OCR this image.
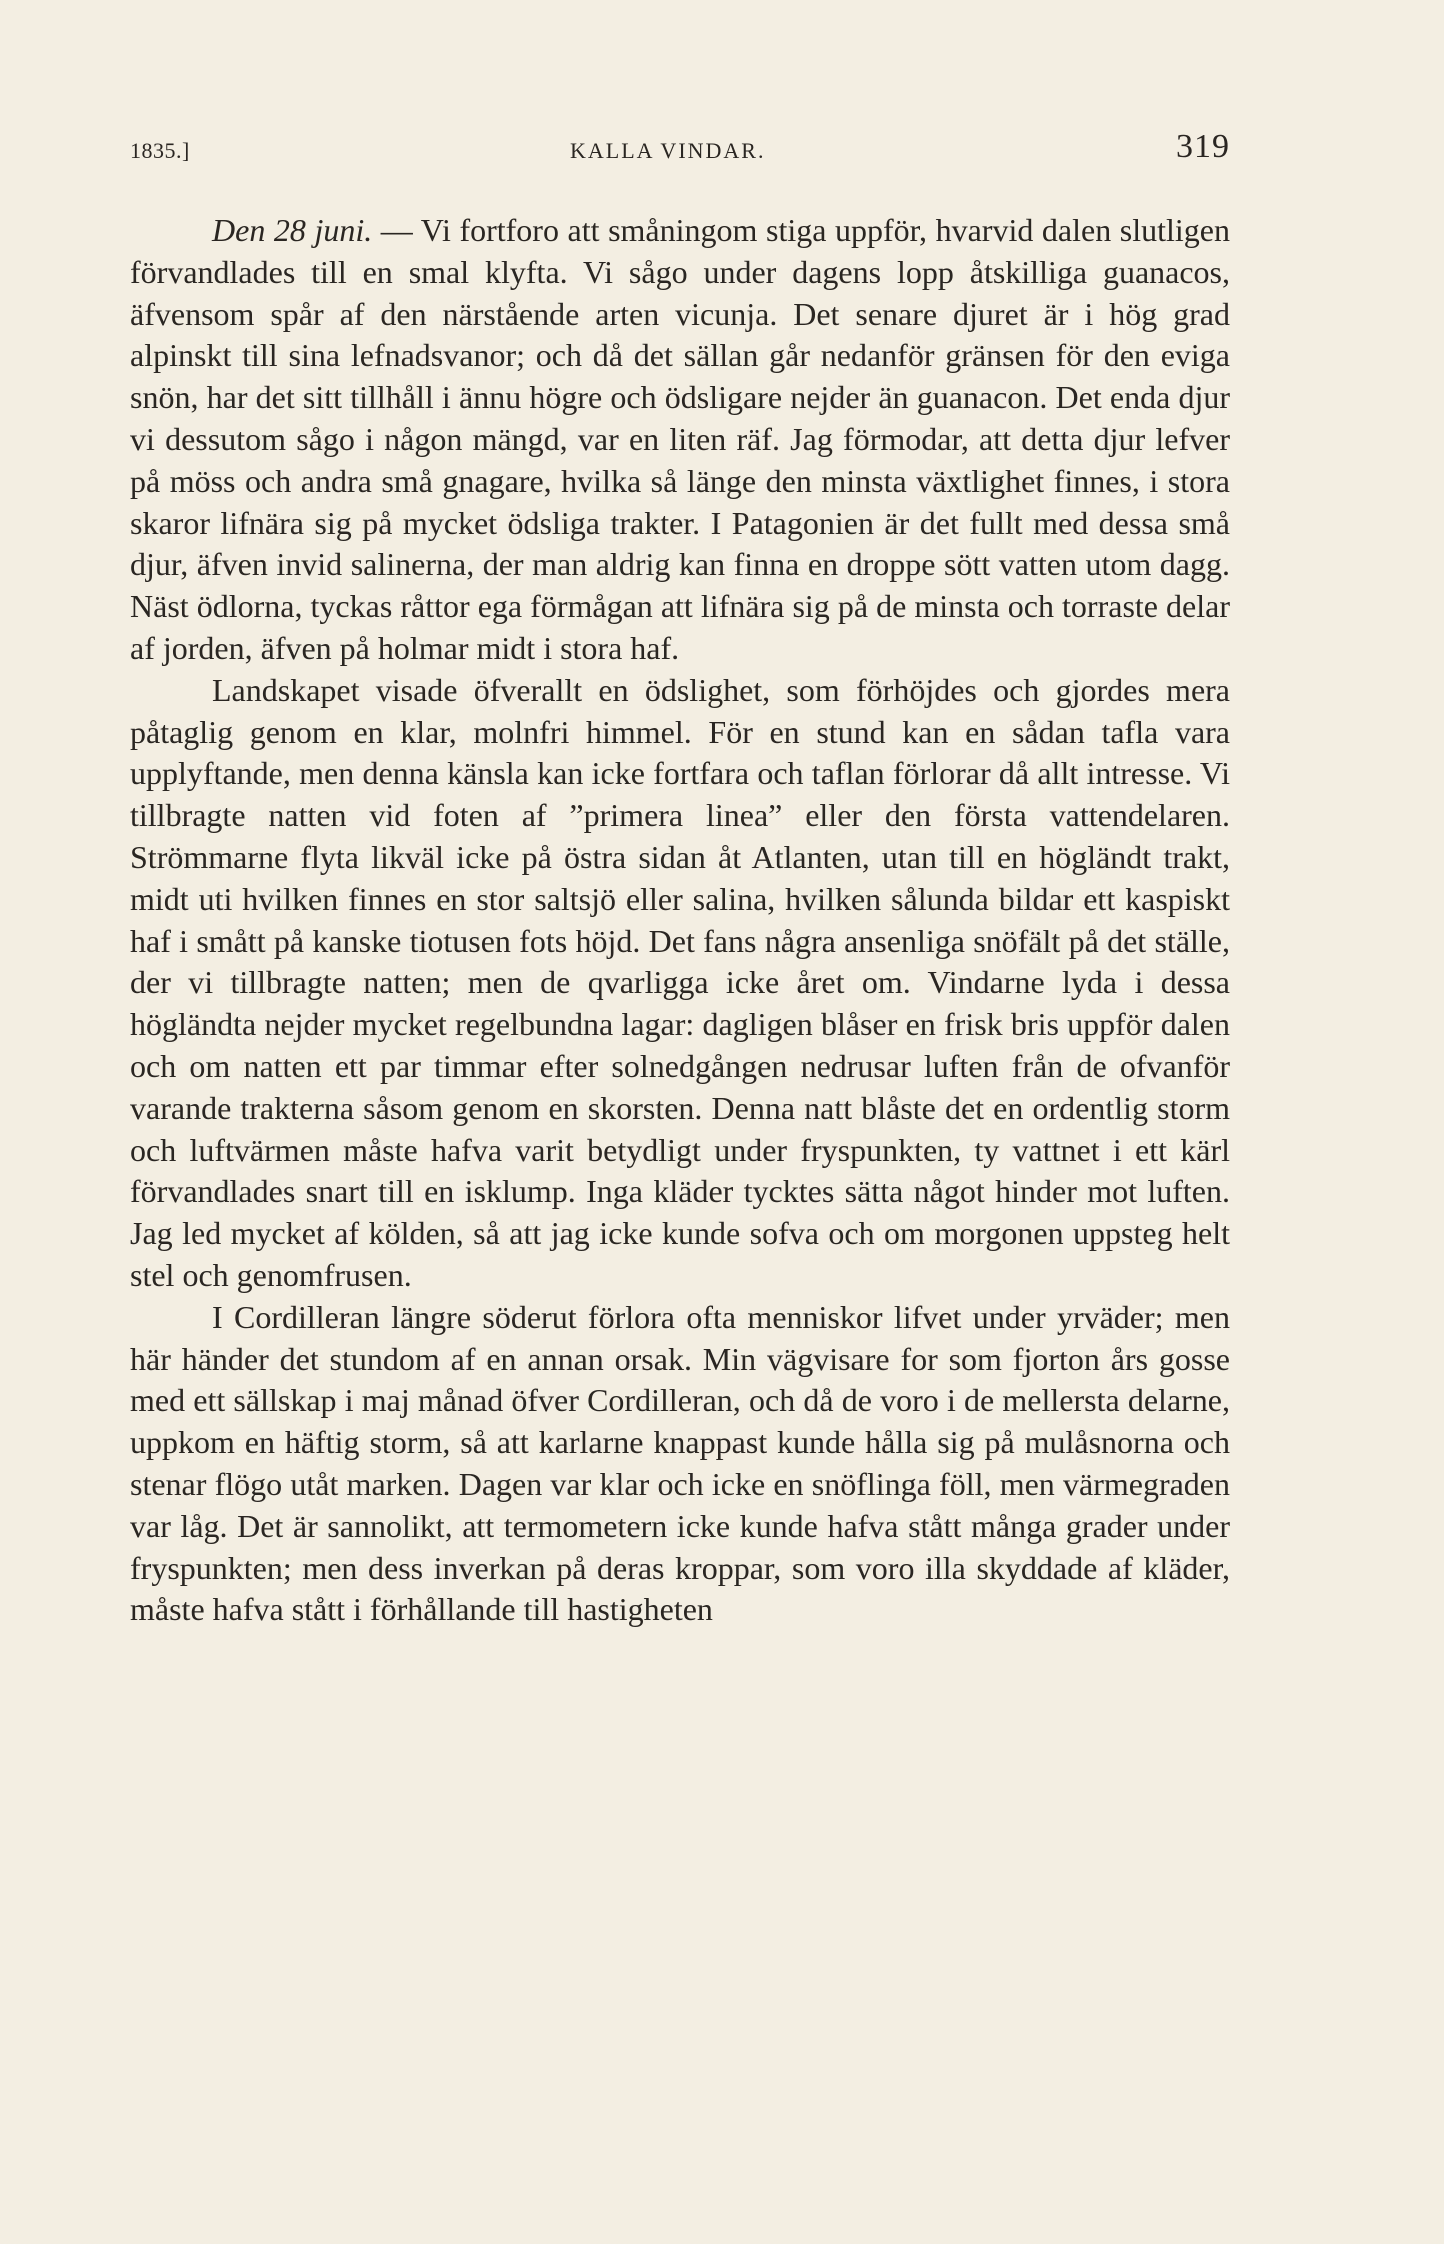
1835.]	KALLA VINDAR.	319

Den 28 juni. — Vi fortforo att småningom stiga uppför, hvarvid dalen slutligen förvandlades till en smal klyfta. Vi sågo under dagens lopp åtskilliga guanacos, äfvensom spår af den närstående arten vicunja. Det senare djuret är i hög grad alpinskt till sina lefnadsvanor; och då det sällan går nedanför gränsen för den eviga snön, har det sitt tillhåll i ännu högre och ödsligare nejder än guanacon. Det enda djur vi dessutom sågo i någon mängd, var en liten räf. Jag förmodar, att detta djur lefver på möss och andra små gnagare, hvilka så länge den minsta växtlighet finnes, i stora skaror lifnära sig på mycket ödsliga trakter. I Patagonien är det fullt med dessa små djur, äfven invid salinerna, der man aldrig kan finna en droppe sött vatten utom dagg. Näst ödlorna, tyckas råttor ega förmågan att lifnära sig på de minsta och torraste delar af jorden, äfven på holmar midt i stora haf.

Landskapet visade öfverallt en ödslighet, som förhöjdes och gjordes mera påtaglig genom en klar, molnfri himmel. För en stund kan en sådan tafla vara upplyftande, men denna känsla kan icke fortfara och taflan förlorar då allt intresse. Vi tillbragte natten vid foten af ”primera linea” eller den första vattendelaren. Strömmarne flyta likväl icke på östra sidan åt Atlanten, utan till en högländt trakt, midt uti hvilken finnes en stor saltsjö eller salina, hvilken sålunda bildar ett kaspiskt haf i smått på kanske tiotusen fots höjd. Det fans några ansenliga snöfält på det ställe, der vi tillbragte natten; men de qvarligga icke året om. Vindarne lyda i dessa högländta nejder mycket regelbundna lagar: dagligen blåser en frisk bris uppför dalen och om natten ett par timmar efter solnedgången nedrusar luften från de ofvanför varande trakterna såsom genom en skorsten. Denna natt blåste det en ordentlig storm och luftvärmen måste hafva varit betydligt under fryspunkten, ty vattnet i ett kärl förvandlades snart till en isklump. Inga kläder tycktes sätta något hinder mot luften. Jag led mycket af kölden, så att jag icke kunde sofva och om morgonen uppsteg helt stel och genomfrusen.

I Cordilleran längre söderut förlora ofta menniskor lifvet under yrväder; men här händer det stundom af en annan orsak. Min vägvisare for som fjorton års gosse med ett sällskap i maj månad öfver Cordilleran, och då de voro i de mellersta delarne, uppkom en häftig storm, så att karlarne knappast kunde hålla sig på mulåsnorna och stenar flögo utåt marken. Dagen var klar och icke en snöflinga föll, men värmegraden var låg. Det är sannolikt, att termometern icke kunde hafva stått många grader under fryspunkten; men dess inverkan på deras kroppar, som voro illa skyddade af kläder, måste hafva stått i förhållande till hastigheten
